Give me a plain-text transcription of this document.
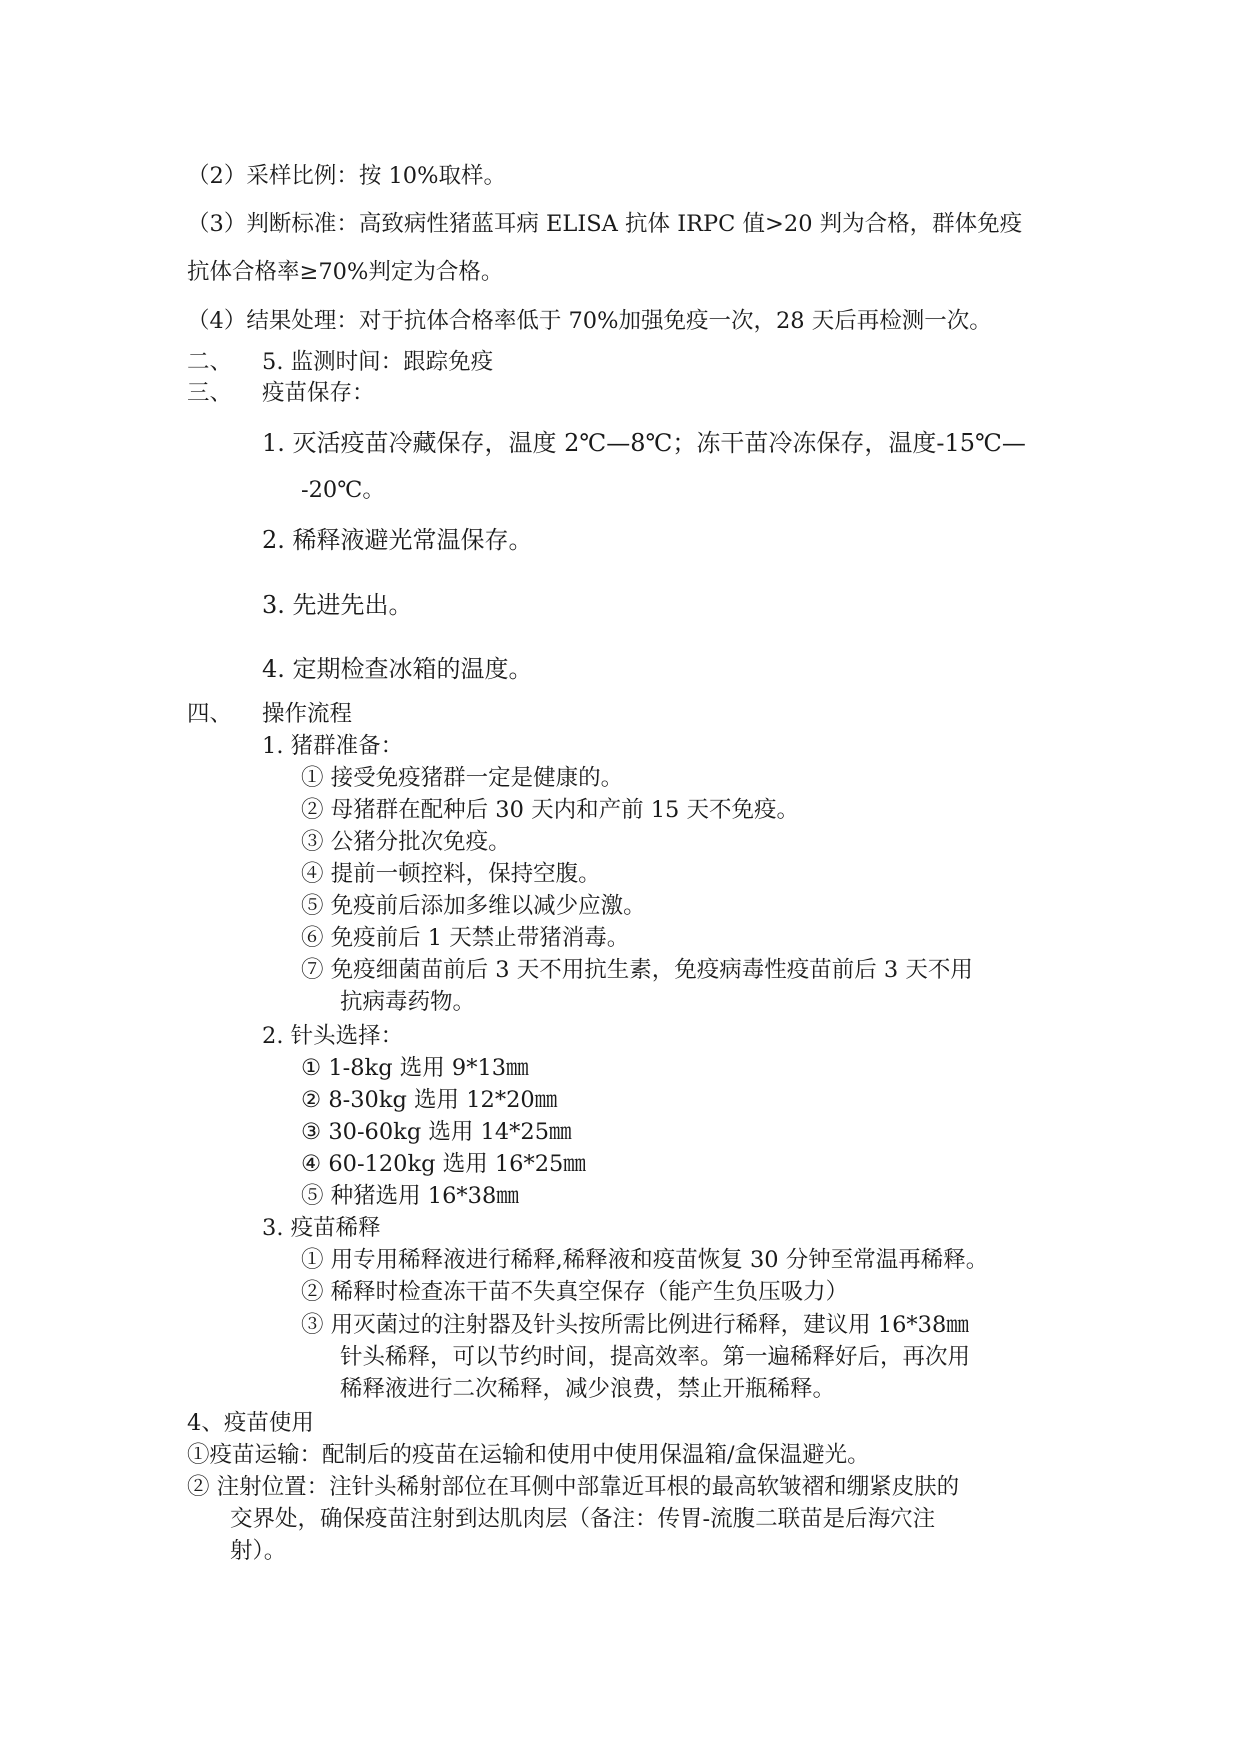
（2）采样比例：按 10%取样。
（3）判断标准：高致病性猪蓝耳病 ELISA 抗体 IRPC 值>20 判为合格，群体免疫
抗体合格率≥70%判定为合格。
（4）结果处理：对于抗体合格率低于 70%加强免疫一次，28 天后再检测一次。
二、 5. 监测时间：跟踪免疫
三、 疫苗保存：
1. 灭活疫苗冷藏保存，温度 2℃—8℃；冻干苗冷冻保存，温度-15℃—
-20℃。
2. 稀释液避光常温保存。
3. 先进先出。
4. 定期检查冰箱的温度。
四、 操作流程
1. 猪群准备：
① 接受免疫猪群一定是健康的。
② 母猪群在配种后 30 天内和产前 15 天不免疫。
③ 公猪分批次免疫。
④ 提前一顿控料，保持空腹。
⑤ 免疫前后添加多维以减少应激。
⑥ 免疫前后 1 天禁止带猪消毒。
⑦ 免疫细菌苗前后 3 天不用抗生素，免疫病毒性疫苗前后 3 天不用
抗病毒药物。
2. 针头选择：
① 1-8kg 选用 9*13㎜
② 8-30kg 选用 12*20㎜
③ 30-60kg 选用 14*25㎜
④ 60-120kg 选用 16*25㎜
⑤ 种猪选用 16*38㎜
3. 疫苗稀释
① 用专用稀释液进行稀释,稀释液和疫苗恢复 30 分钟至常温再稀释。
② 稀释时检查冻干苗不失真空保存（能产生负压吸力）
③ 用灭菌过的注射器及针头按所需比例进行稀释，建议用 16*38㎜
针头稀释，可以节约时间，提高效率。第一遍稀释好后，再次用
稀释液进行二次稀释，减少浪费，禁止开瓶稀释。
4、疫苗使用
①疫苗运输：配制后的疫苗在运输和使用中使用保温箱/盒保温避光。
② 注射位置：注针头稀射部位在耳侧中部靠近耳根的最高软皱褶和绷紧皮肤的
交界处，确保疫苗注射到达肌肉层（备注：传胃-流腹二联苗是后海穴注
射）。
